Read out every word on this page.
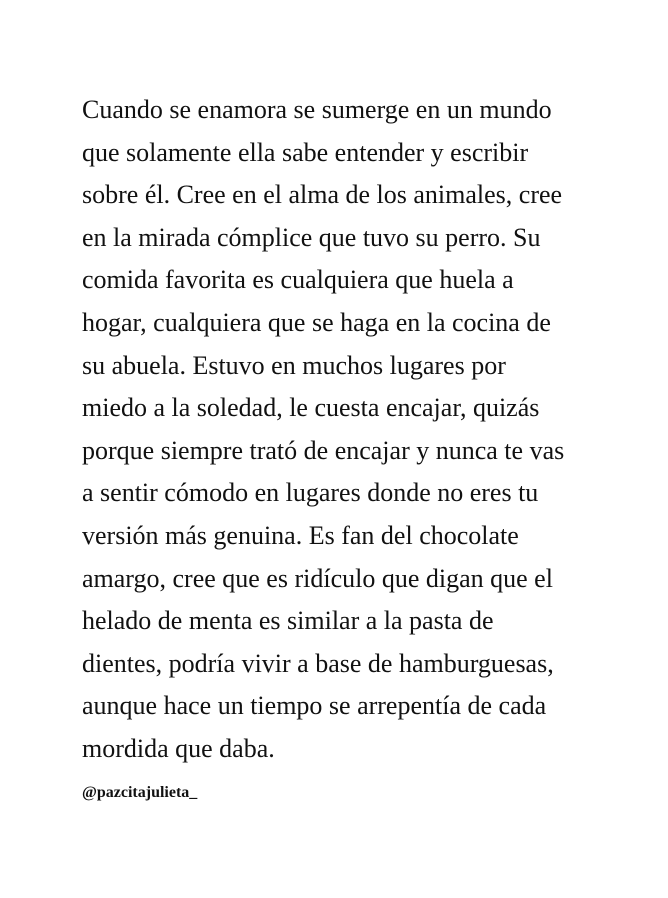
Cuando se enamora se sumerge en un mundo
que solamente ella sabe entender y escribir
sobre él. Cree en el alma de los animales, cree
en la mirada cómplice que tuvo su perro. Su
comida favorita es cualquiera que huela a
hogar, cualquiera que se haga en la cocina de
su abuela. Estuvo en muchos lugares por
miedo a la soledad, le cuesta encajar, quizás
porque siempre trató de encajar y nunca te vas
a sentir cómodo en lugares donde no eres tu
versión más genuina. Es fan del chocolate
amargo, cree que es ridículo que digan que el
helado de menta es similar a la pasta de
dientes, podría vivir a base de hamburguesas,
aunque hace un tiempo se arrepentía de cada
mordida que daba.
@pazcitajulieta_
